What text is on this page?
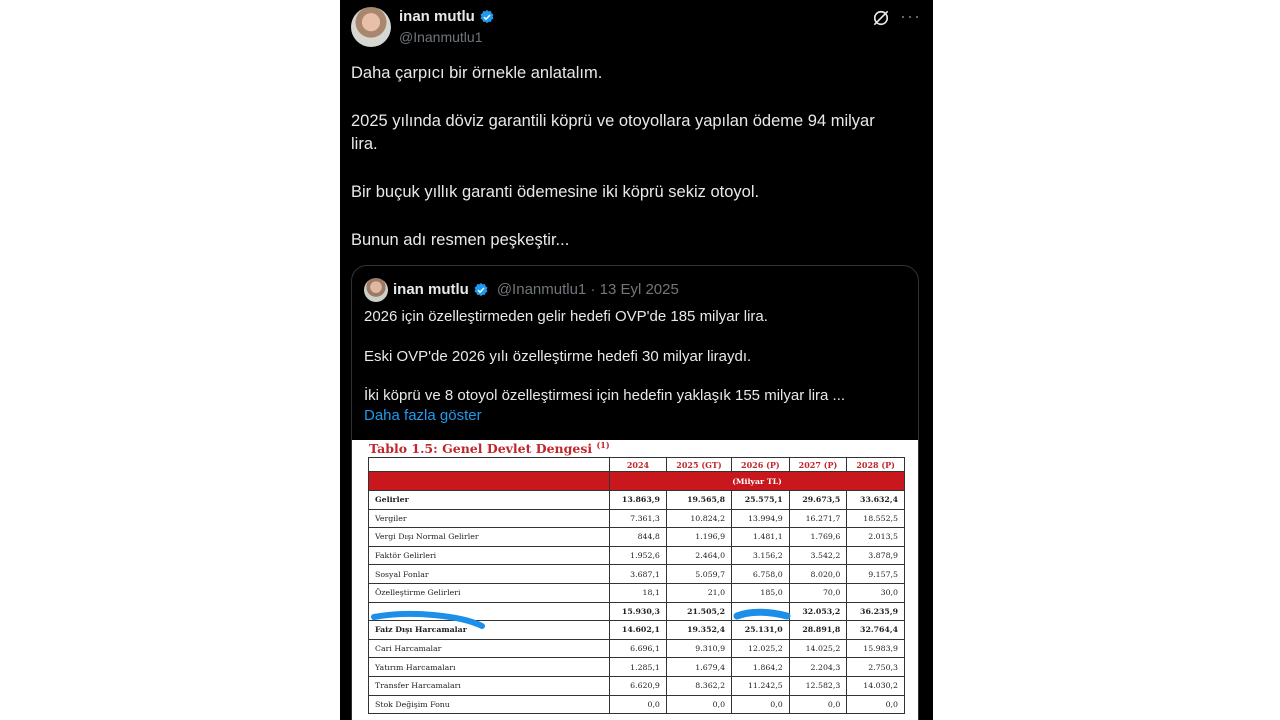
inan mutlu
@Inanmutlu1
···
Daha çarpıcı bir örnekle anlatalım.
2025 yılında döviz garantili köprü ve otoyollara yapılan ödeme 94 milyar
lira.
Bir buçuk yıllık garanti ödemesine iki köprü sekiz otoyol.
Bunun adı resmen peşkeştir...
inan mutlu @Inanmutlu1 · 13 Eyl 2025
2026 için özelleştirmeden gelir hedefi OVP'de 185 milyar lira.
Eski OVP'de 2026 yılı özelleştirme hedefi 30 milyar liraydı.
İki köprü ve 8 otoyol özelleştirmesi için hedefin yaklaşık 155 milyar lira ...
Daha fazla göster
Tablo 1.5: Genel Devlet Dengesi $^{(1)}$
	2024	2025 (GT)	2026 (P)	2027 (P)	2028 (P)
	(Milyar TL)				
Gelirler	13.863,9	19.565,8	25.575,1	29.673,5	33.632,4
Vergiler	7.361,3	10.824,2	13.994,9	16.271,7	18.552,5
Vergi Dışı Normal Gelirler	844,8	1.196,9	1.481,1	1.769,6	2.013,5
Faktör Gelirleri	1.952,6	2.464,0	3.156,2	3.542,2	3.878,9
Sosyal Fonlar	3.687,1	5.059,7	6.758,0	8.020,0	9.157,5
Özelleştirme Gelirleri	18,1	21,0	185,0	70,0	30,0
	15.930,3	21.505,2		32.053,2	36.235,9
Faiz Dışı Harcamalar	14.602,1	19.352,4	25.131,0	28.891,8	32.764,4
Cari Harcamalar	6.696,1	9.310,9	12.025,2	14.025,2	15.983,9
Yatırım Harcamaları	1.285,1	1.679,4	1.864,2	2.204,3	2.750,3
Transfer Harcamaları	6.620,9	8.362,2	11.242,5	12.582,3	14.030,2
Stok Değişim Fonu	0,0	0,0	0,0	0,0	0,0
